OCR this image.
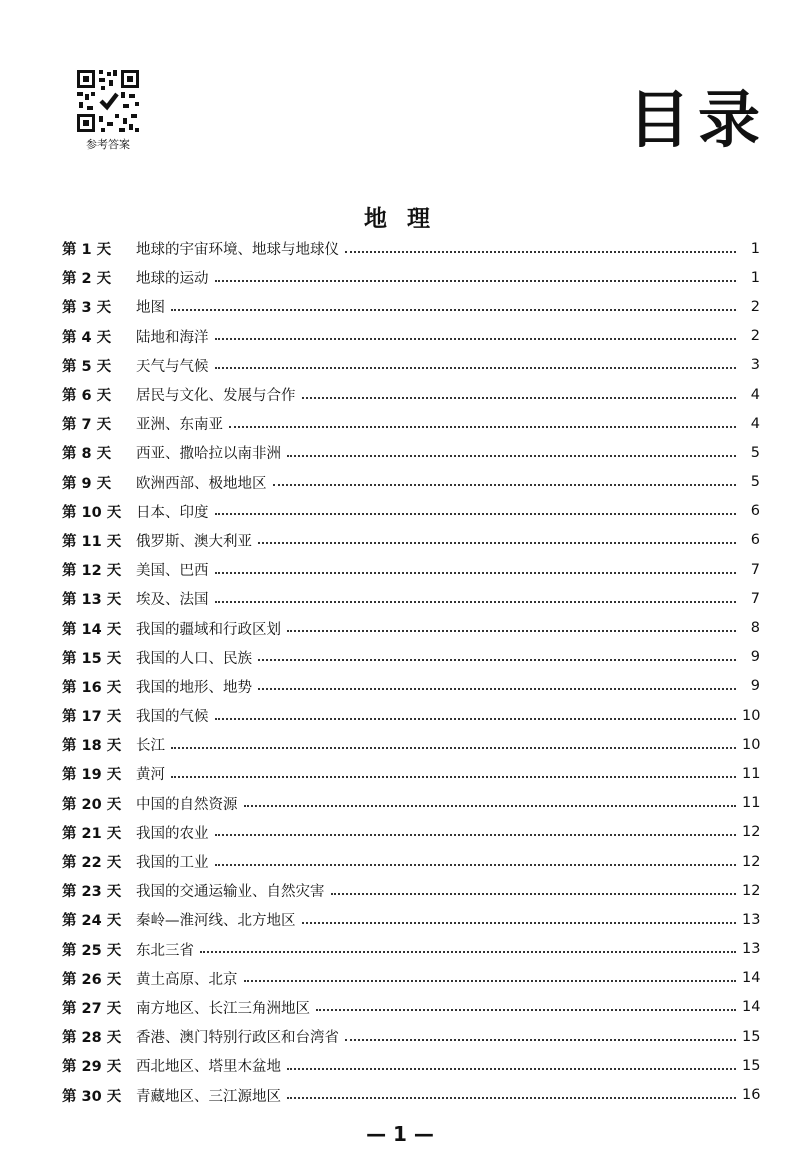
参考答案	目录
地 理
第 1 天	地球的宇宙环境、地球与地球仪	1
第 2 天	地球的运动	1
第 3 天	地图	2
第 4 天	陆地和海洋	2
第 5 天	天气与气候	3
第 6 天	居民与文化、发展与合作	4
第 7 天	亚洲、东南亚	4
第 8 天	西亚、撒哈拉以南非洲	5
第 9 天	欧洲西部、极地地区	5
第 10 天	日本、印度	6
第 11 天	俄罗斯、澳大利亚	6
第 12 天	美国、巴西	7
第 13 天	埃及、法国	7
第 14 天	我国的疆域和行政区划	8
第 15 天	我国的人口、民族	9
第 16 天	我国的地形、地势	9
第 17 天	我国的气候	10
第 18 天	长江	10
第 19 天	黄河	11
第 20 天	中国的自然资源	11
第 21 天	我国的农业	12
第 22 天	我国的工业	12
第 23 天	我国的交通运输业、自然灾害	12
第 24 天	秦岭—淮河线、北方地区	13
第 25 天	东北三省	13
第 26 天	黄土高原、北京	14
第 27 天	南方地区、长江三角洲地区	14
第 28 天	香港、澳门特别行政区和台湾省	15
第 29 天	西北地区、塔里木盆地	15
第 30 天	青藏地区、三江源地区	16
— 1 —
